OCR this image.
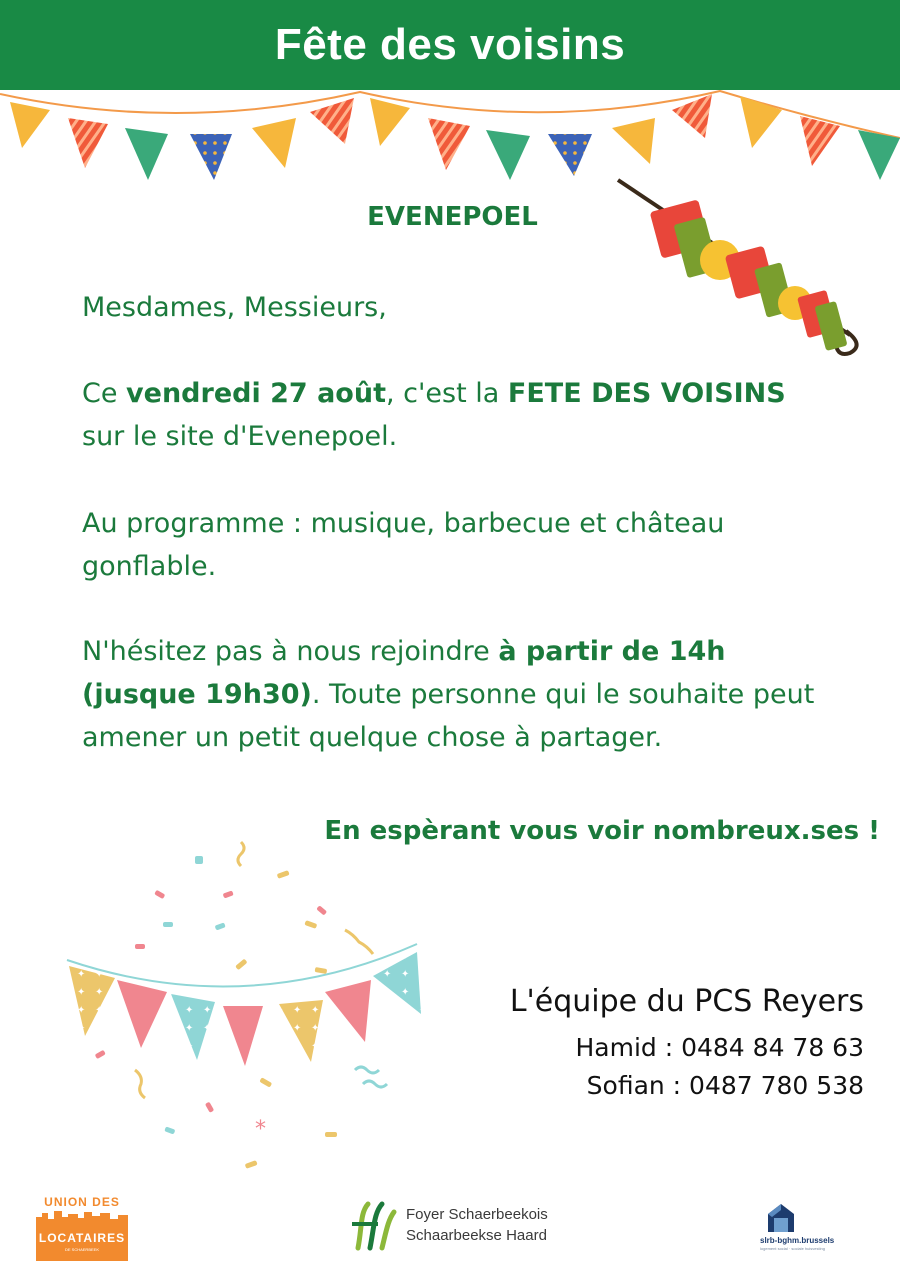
Fête des voisins
EVENEPOEL
Mesdames, Messieurs,
Ce vendredi 27 août, c'est la FETE DES VOISINS sur le site d'Evenepoel.
Au programme : musique, barbecue et château gonflable.
N'hésitez pas à nous rejoindre à partir de 14h (jusque 19h30). Toute personne qui le souhaite peut amener un petit quelque chose à partager.
En espèrant vous voir nombreux.ses !
*
L'équipe du PCS Reyers
Hamid : 0484 84 78 63
Sofian : 0487 780 538
UNION DES
LOCATAIRES
DE SCHAERBEEK
Foyer Schaerbeekois
Schaarbeekse Haard	slrb-bghm.brussels
logement social · sociale huisvesting
